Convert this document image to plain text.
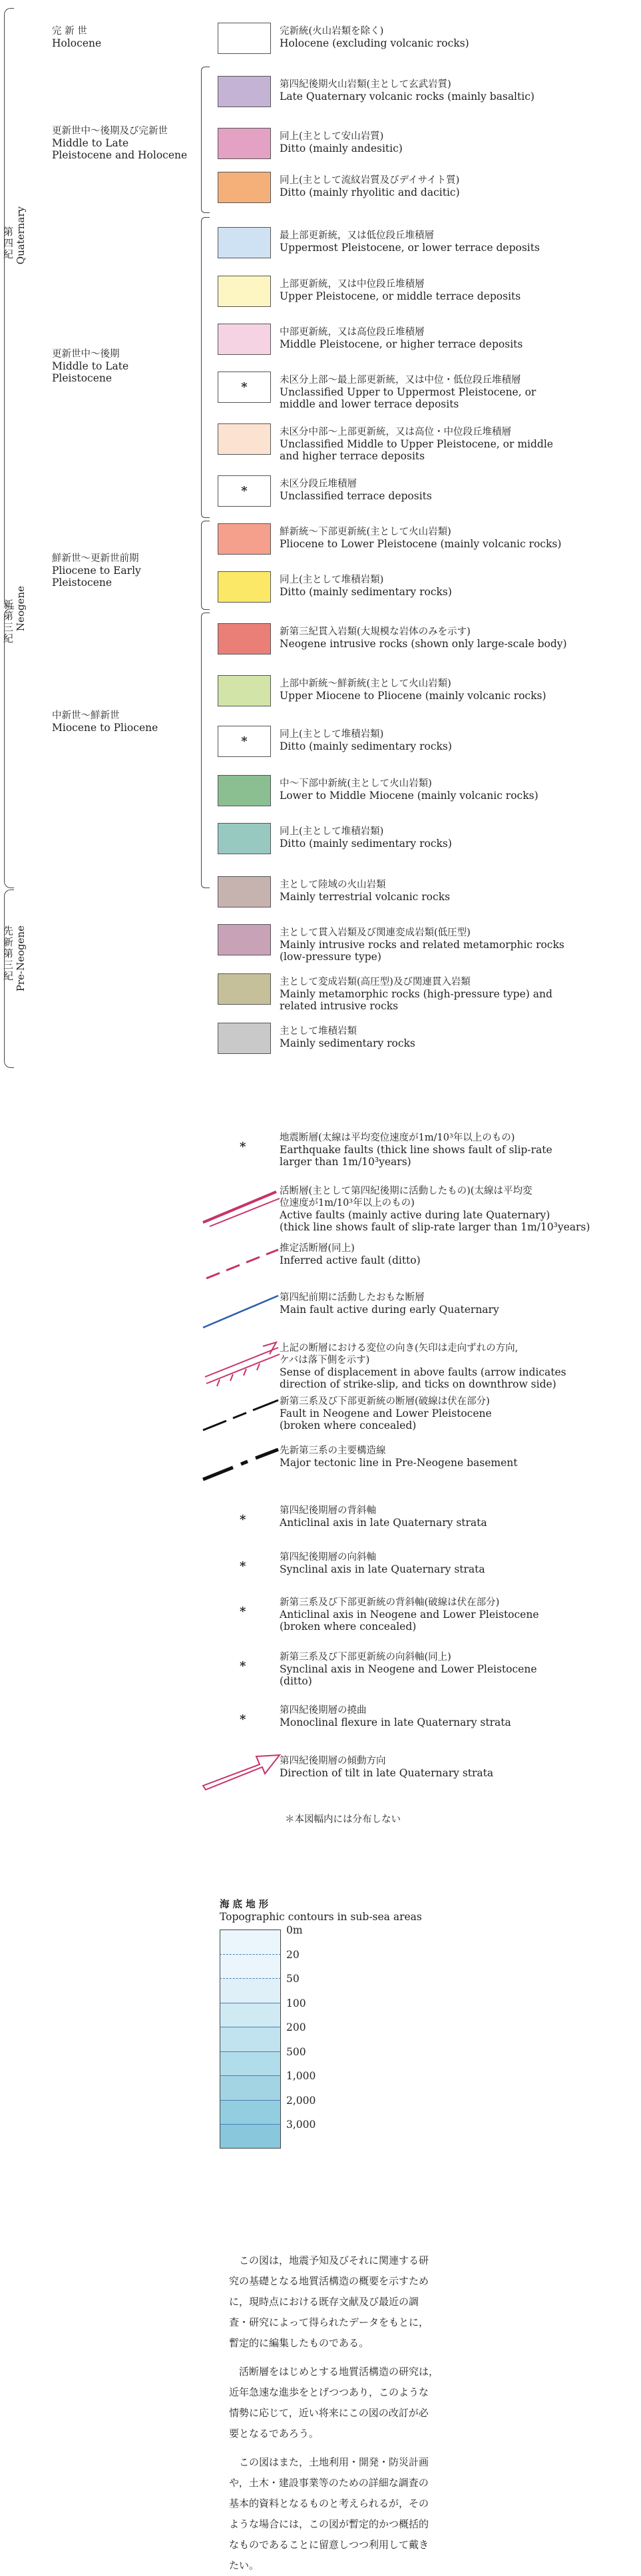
第四紀 Quaternary
新第三紀 Neogene
先新第三紀 Pre-Neogene
完 新 世
Holocene
更新世中～後期及び完新世
Middle to Late
Pleistocene and Holocene
更新世中～後期
Middle to Late
Pleistocene
鮮新世～更新世前期
Pliocene to Early
Pleistocene
中新世～鮮新世
Miocene to Pliocene
完新統(火山岩類を除く)
Holocene (excluding volcanic rocks)
第四紀後期火山岩類(主として玄武岩質)
Late Quaternary volcanic rocks (mainly basaltic)
同上(主として安山岩質)
Ditto (mainly andesitic)
同上(主として流紋岩質及びデイサイト質)
Ditto (mainly rhyolitic and dacitic)
最上部更新統，又は低位段丘堆積層
Uppermost Pleistocene, or lower terrace deposits
上部更新統，又は中位段丘堆積層
Upper Pleistocene, or middle terrace deposits
中部更新統，又は高位段丘堆積層
Middle Pleistocene, or higher terrace deposits
*	未区分上部～最上部更新統，又は中位・低位段丘堆積層
Unclassified Upper to Uppermost Pleistocene, or
middle and lower terrace deposits
未区分中部～上部更新統，又は高位・中位段丘堆積層
Unclassified Middle to Upper Pleistocene, or middle
and higher terrace deposits
*	未区分段丘堆積層
Unclassified terrace deposits
鮮新統～下部更新統(主として火山岩類)
Pliocene to Lower Pleistocene (mainly volcanic rocks)
同上(主として堆積岩類)
Ditto (mainly sedimentary rocks)
新第三紀貫入岩類(大規模な岩体のみを示す)
Neogene intrusive rocks (shown only large-scale body)
上部中新統～鮮新統(主として火山岩類)
Upper Miocene to Pliocene (mainly volcanic rocks)
*	同上(主として堆積岩類)
Ditto (mainly sedimentary rocks)
中～下部中新統(主として火山岩類)
Lower to Middle Miocene (mainly volcanic rocks)
同上(主として堆積岩類)
Ditto (mainly sedimentary rocks)
主として陸域の火山岩類
Mainly terrestrial volcanic rocks
主として貫入岩類及び関連変成岩類(低圧型)
Mainly intrusive rocks and related metamorphic rocks
(low-pressure type)
主として変成岩類(高圧型)及び関連貫入岩類
Mainly metamorphic rocks (high-pressure type) and
related intrusive rocks
主として堆積岩類
Mainly sedimentary rocks
*
地震断層(太線は平均変位速度が1m/10³年以上のもの)
Earthquake faults (thick line shows fault of slip-rate
larger than 1m/10³years)
活断層(主として第四紀後期に活動したもの)(太線は平均変
位速度が1m/10³年以上のもの)
Active faults (mainly active during late Quaternary)
(thick line shows fault of slip-rate larger than 1m/10³years)
推定活断層(同上)
Inferred active fault (ditto)
第四紀前期に活動したおもな断層
Main fault active during early Quaternary
上記の断層における変位の向き(矢印は走向ずれの方向,
ケバは落下側を示す)
Sense of displacement in above faults (arrow indicates
direction of strike-slip, and ticks on downthrow side)
新第三系及び下部更新統の断層(破線は伏在部分)
Fault in Neogene and Lower Pleistocene
(broken where concealed)
先新第三系の主要構造線
Major tectonic line in Pre-Neogene basement
*
第四紀後期層の背斜軸
Anticlinal axis in late Quaternary strata
*
第四紀後期層の向斜軸
Synclinal axis in late Quaternary strata
*
新第三系及び下部更新統の背斜軸(破線は伏在部分)
Anticlinal axis in Neogene and Lower Pleistocene
(broken where concealed)
*
新第三系及び下部更新統の向斜軸(同上)
Synclinal axis in Neogene and Lower Pleistocene
(ditto)
*
第四紀後期層の撓曲
Monoclinal flexure in late Quaternary strata
第四紀後期層の傾動方向
Direction of tilt in late Quaternary strata
＊本図幅内には分布しない
海 底 地 形
Topographic contours in sub-sea areas
0m
20
50
100
200
500
1,000
2,000
3,000
この図は，地震予知及びそれに関連する研
究の基礎となる地質活構造の概要を示すため
に，現時点における既存文献及び最近の調
査・研究によって得られたデータをもとに，
暫定的に編集したものである。
活断層をはじめとする地質活構造の研究は，
近年急速な進歩をとげつつあり，このような
情勢に応じて，近い将来にこの図の改訂が必
要となるであろう。
この図はまた，土地利用・開発・防災計画
や，土木・建設事業等のための詳細な調査の
基本的資料となるものと考えられるが，その
ような場合には，この図が暫定的かつ概括的
なものであることに留意しつつ利用して戴き
たい。
